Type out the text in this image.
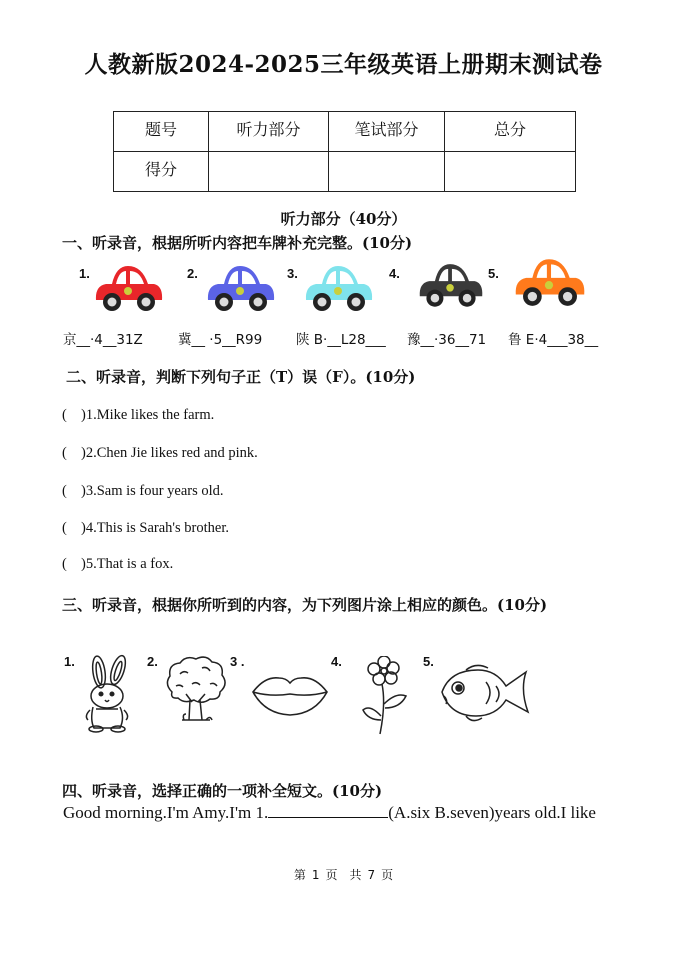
人教新版2024-2025三年级英语上册期末测试卷
题号	听力部分	笔试部分	总分
得分			
听力部分（40分）
一、听录音，根据所听内容把车牌补充完整。(10分)
1.	2.	3.	4.	5.
京__·4__31Z	冀__ ·5__R99	陕 B·__L28___ 豫__·36__71 鲁 E·4___38__
二、听录音，判断下列句子正（T）误（F）。(10分)
( )1.Mike likes the farm.
( )2.Chen Jie likes red and pink.
( )3.Sam is four years old.
( )4.This is Sarah's brother.
( )5.That is a fox.
三、听录音，根据你所听到的内容，为下列图片涂上相应的颜色。(10分)
1.	2.	3 .	4.	5.
四、听录音，选择正确的一项补全短文。(10分)
Good morning.I'm Amy.I'm 1.	(A.six B.seven)years old.I like
第 1 页　共 7 页
